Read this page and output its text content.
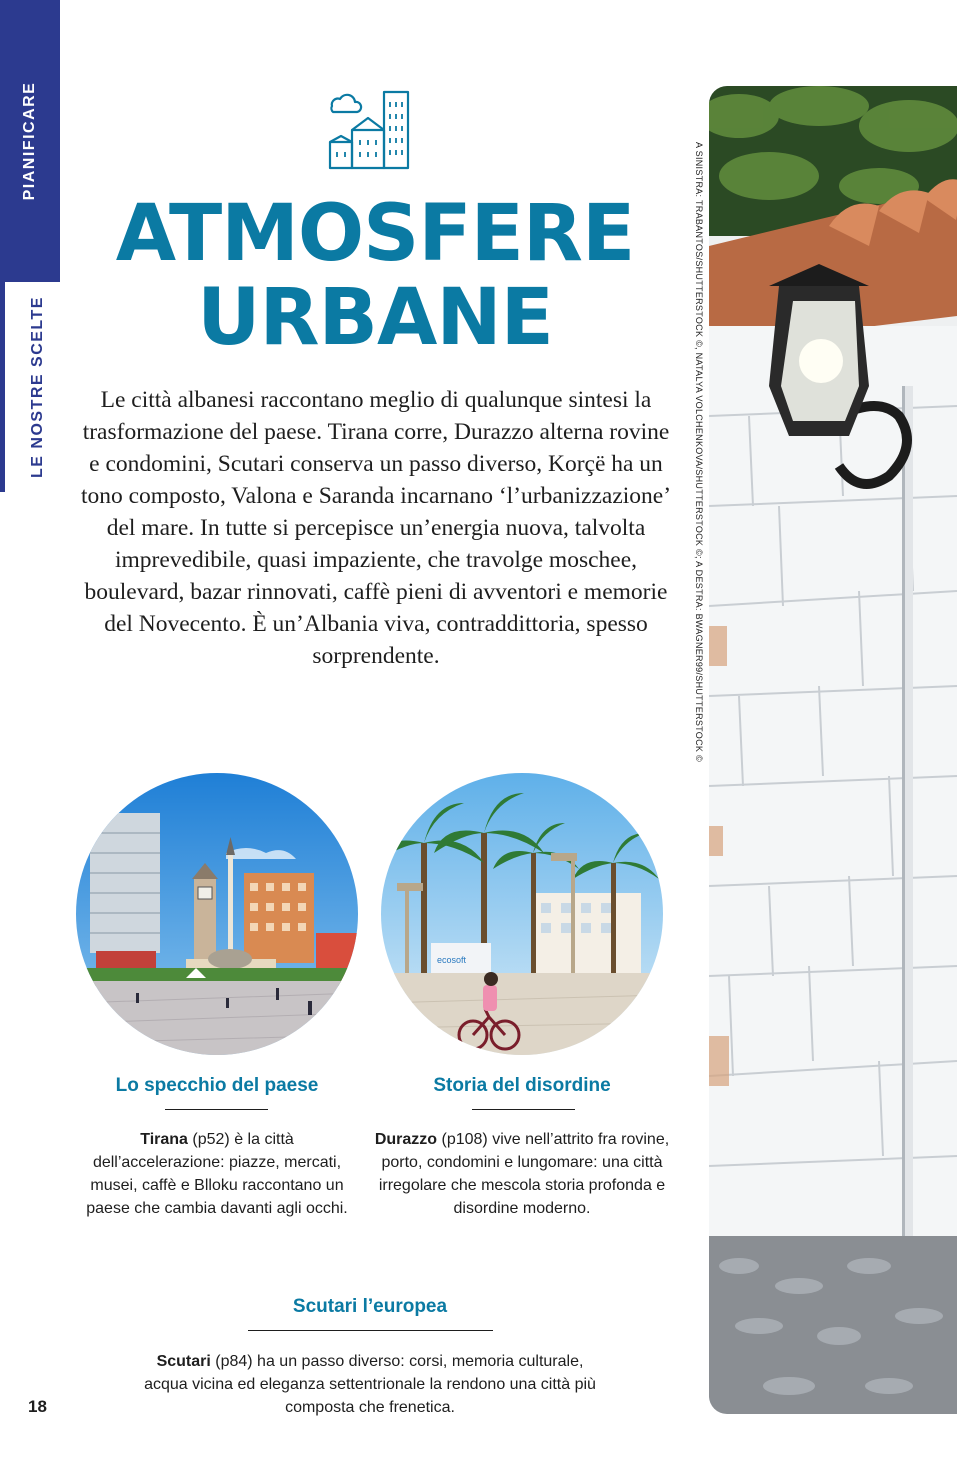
PIANIFICARE
LE NOSTRE SCELTE
ATMOSFERE
URBANE
Le città albanesi raccontano meglio di qualunque sintesi la trasformazione del paese. Tirana corre, Durazzo alterna rovine e condomini, Scutari conserva un passo diverso, Korçë ha un tono composto, Valona e Saranda incarnano ‘l’urbanizzazione’ del mare. In tutte si percepisce un’energia nuova, talvolta imprevedibile, quasi impaziente, che travolge moschee, boulevard, bazar rinnovati, caffè pieni di avventori e memorie del Novecento. È un’Albania viva, contraddittoria, spesso sorprendente.
ecosoft
Lo specchio del paese
Tirana (p52) è la città dell’accelerazione: piazze, mercati, musei, caffè e Blloku raccontano un paese che cambia davanti agli occhi.
Storia del disordine
Durazzo (p108) vive nell’attrito fra rovine, porto, condomini e lungomare: una città irregolare che mescola storia profonda e disordine moderno.
Scutari l’europea
Scutari (p84) ha un passo diverso: corsi, memoria culturale, acqua vicina ed eleganza settentrionale la rendono una città più composta che frenetica.
A SINISTRA: TRABANTOS/SHUTTERSTOCK ©, NATALYA VOLCHENKOVA/SHUTTERSTOCK ©; A DESTRA: BWAGNER99/SHUTTERSTOCK ©
18
